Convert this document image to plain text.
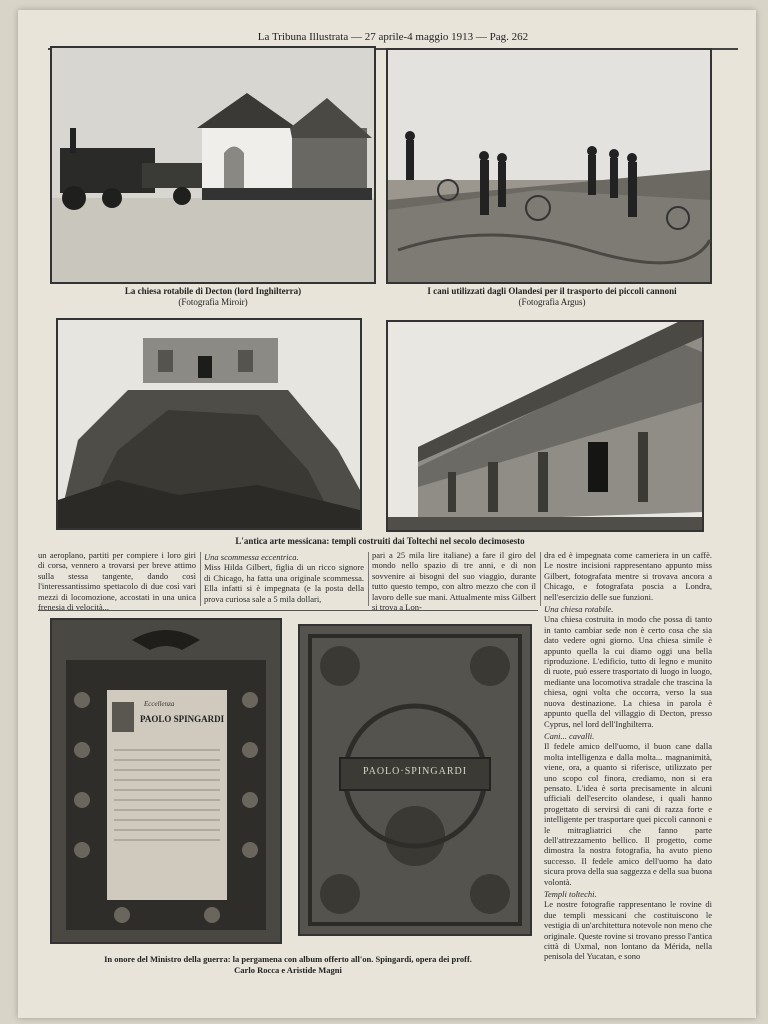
La Tribuna Illustrata — 27 aprile-4 maggio 1913 — Pag. 262
La chiesa rotabile di Decton (lord Inghilterra)
(Fotografia Miroir)
I cani utilizzati dagli Olandesi per il trasporto dei piccoli cannoni
(Fotografia Argus)
L'antica arte messicana: templi costruiti dai Toltechi nel secolo decimosesto

un aeroplano, partiti per compiere i loro giri di corsa, vennero a trovarsi per breve attimo sulla stessa tangente, dando così l'interessantissimo spettacolo di due così vari mezzi di locomozione, accostati in una unica frenesia di velocità...

Una scommessa eccentrica.

Miss Hilda Gilbert, figlia di un ricco signore di Chicago, ha fatta una originale scommessa. Ella infatti si è impegnata (e la posta della prova curiosa sale a 5 mila dollari,

pari a 25 mila lire italiane) a fare il giro del mondo nello spazio di tre anni, e di non sovvenire ai bisogni del suo viaggio, durante tutto questo tempo, con altro mezzo che con il lavoro delle sue mani. Attualmente miss Gilbert si trova a Lon-

dra ed è impegnata come cameriera in un caffè. Le nostre incisioni rappresentano appunto miss Gilbert, fotografata mentre si trovava ancora a Chicago, e fotografata poscia a Londra, nell'esercizio delle sue funzioni.

Una chiesa rotabile.

Una chiesa costruita in modo che possa di tanto in tanto cambiar sede non è certo cosa che sia dato vedere ogni giorno. Una chiesa simile è appunto quella la cui diamo oggi una bella riproduzione. L'edificio, tutto di legno e munito di ruote, può essere trasportato di luogo in luogo, mediante una locomotiva stradale che trascina la chiesa, ogni volta che occorra, verso la sua nuova destinazione. La chiesa in parola è appunto quella del villaggio di Decton, presso Cyprus, nel lord dell'Inghilterra.

Cani... cavalli.

Il fedele amico dell'uomo, il buon cane dalla molta intelligenza e dalla molta... magnanimità, viene, ora, a quanto si riferisce, utilizzato per uno scopo col finora, crediamo, non si era pensato. L'idea è sorta precisamente in alcuni ufficiali dell'esercito olandese, i quali hanno progettato di servirsi di cani di razza forte e intelligente per trasportare quei piccoli cannoni e le mitragliatrici che fanno parte dell'attrezzamento bellico. Il progetto, come dimostra la nostra fotografia, ha avuto pieno successo. Il fedele amico dell'uomo ha dato sicura prova della sua saggezza e della sua buona volontà.

Templi toltechi.

Le nostre fotografie rappresentano le rovine di due templi messicani che costituiscono le vestigia di un'architettura notevole non meno che originale. Queste rovine si trovano presso l'antica città di Uxmal, non lontano da Mérida, nella penisola del Yucatan, e sono

Eccellenza
PAOLO SPINGARDI
PAOLO·SPINGARDI
In onore del Ministro della guerra: la pergamena con album offerto all'on. Spingardi, opera dei proff. Carlo Rocca e Aristide Magni
